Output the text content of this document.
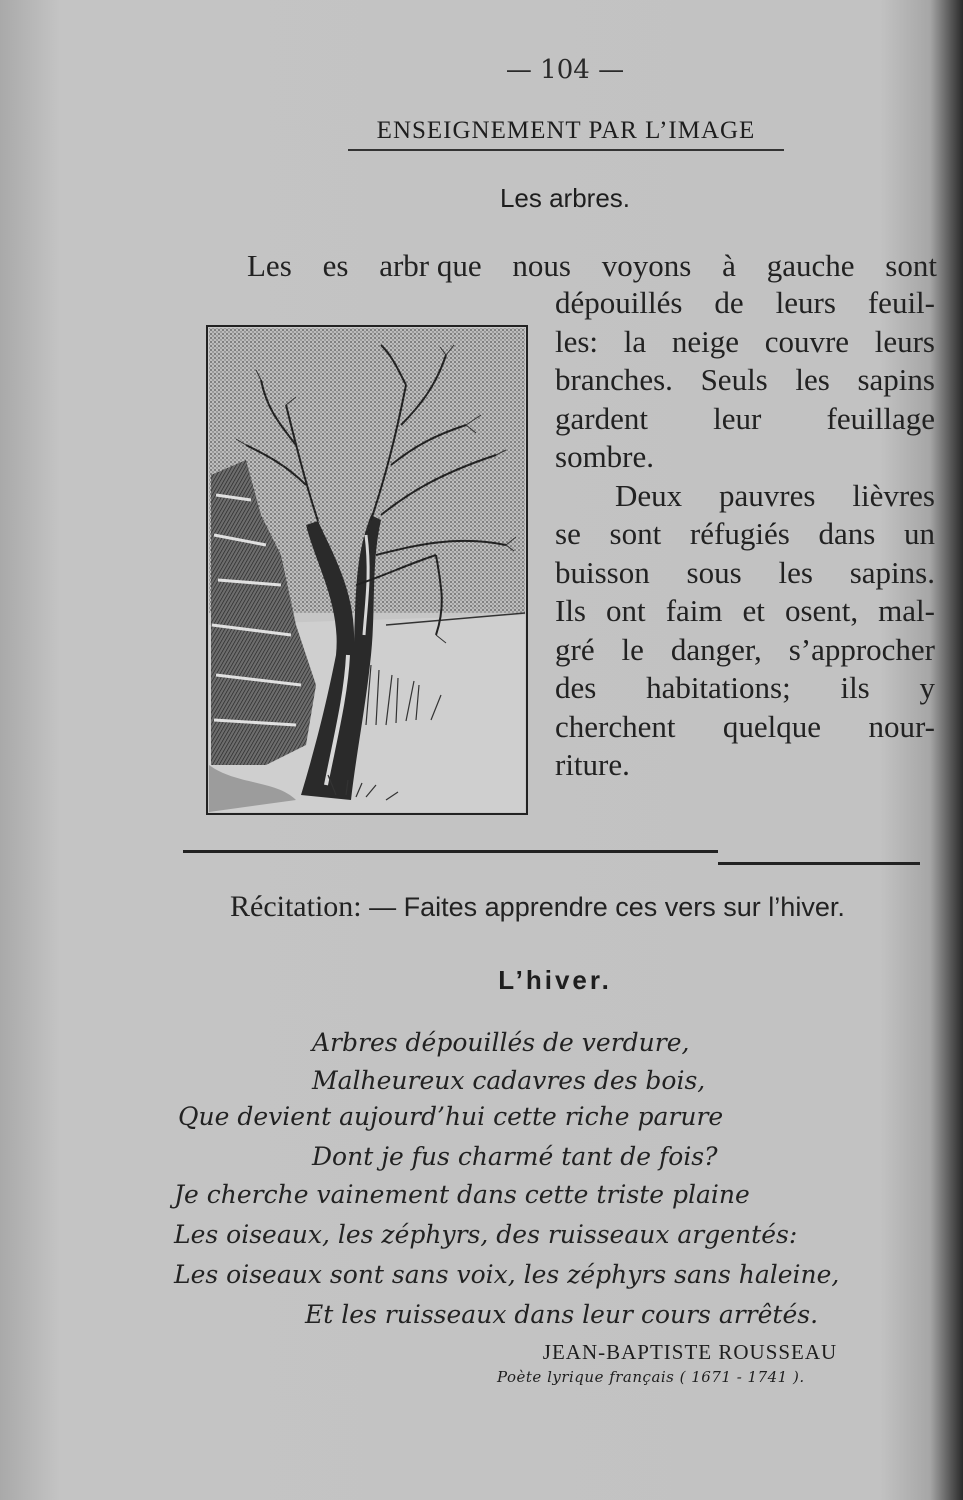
— 104 —
ENSEIGNEMENT PAR L’IMAGE
Les arbres.
Les es arbr que nous voyons à gauche sont
dépouillés de leurs feuil-
les: la neige couvre leurs
branches. Seuls les sapins
gardent leur feuillage
sombre.
Deux pauvres lièvres
se sont réfugiés dans un
buisson sous les sapins.
Ils ont faim et osent, mal-
gré le danger, s’approcher
des habitations; ils y
cherchent quelque nour-
riture.
Récitation: — Faites apprendre ces vers sur l’hiver.
L’hiver.
Arbres dépouillés de verdure,
Malheureux cadavres des bois,
Que devient aujourd’hui cette riche parure
Dont je fus charmé tant de fois?
Je cherche vainement dans cette triste plaine
Les oiseaux, les zéphyrs, des ruisseaux argentés:
Les oiseaux sont sans voix, les zéphyrs sans haleine,
Et les ruisseaux dans leur cours arrêtés.
JEAN-BAPTISTE ROUSSEAU
Poète lyrique français ( 1671 - 1741 ).
